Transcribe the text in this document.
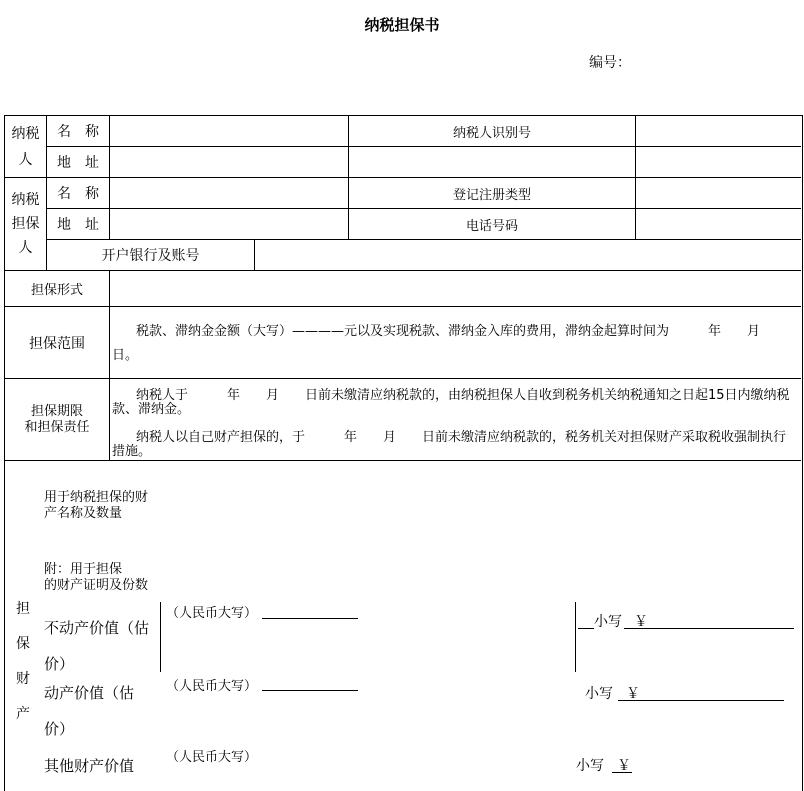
纳税担保书
编号：
纳税
人
名　称
地　址
纳税人识别号
纳税
担保
人
名　称
地　址
登记注册类型
电话号码
开户银行及账号
担保形式
担保范围
税款、滞纳金金额（大写）————元以及实现税款、滞纳金入库的费用，滞纳金起算时间为　　　年　　月　　日。
担保期限
和担保责任
纳税人于　　　年　　月　　日前未缴清应纳税款的，由纳税担保人自收到税务机关纳税通知之日起15日内缴纳税款、滞纳金。
纳税人以自己财产担保的，于　　　年　　月　　日前未缴清应纳税款的，税务机关对担保财产采取税收强制执行措施。
担
保
财
产
用于纳税担保的财
产名称及数量
附：用于担保
的财产证明及份数
不动产价值（估
价）
（人民币大写）
小写 ￥
动产价值（估
价）
（人民币大写）	小写 ￥
其他财产价值 （人民币大写）
小写 ￥
